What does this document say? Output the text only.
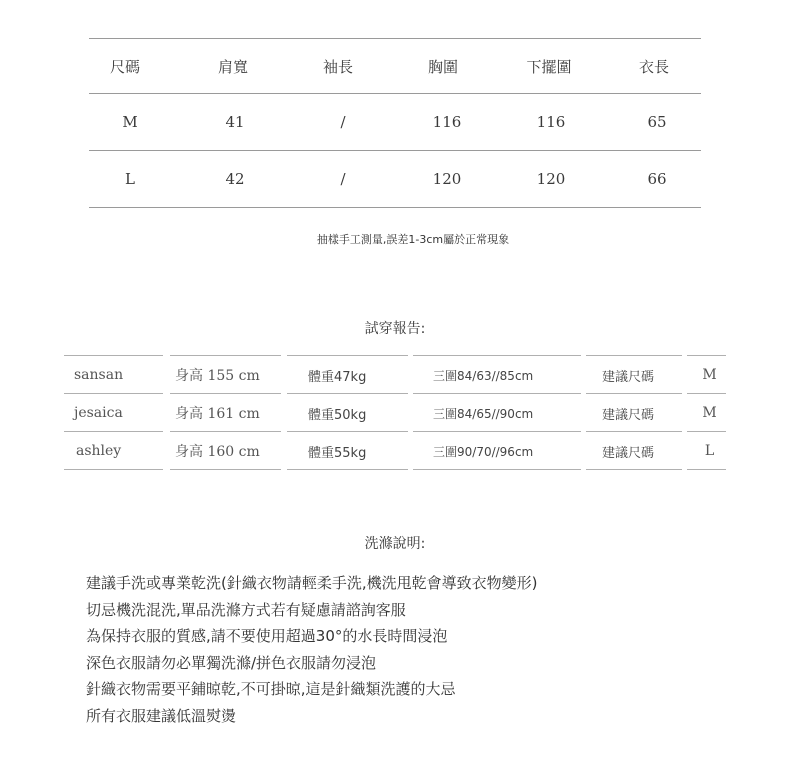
尺碼	肩寬	袖長	胸圍	下擺圍	衣長
M	41	/	116	116	65
L	42	/	120	120	66
抽樣手工測量,誤差1-3cm屬於正常現象
試穿報告:
sansan	身高 155 cm	體重47kg	三圍84/63//85cm	建議尺碼	M
jesaica	身高 161 cm	體重50kg	三圍84/65//90cm	建議尺碼	M
ashley	身高 160 cm	體重55kg	三圍90/70//96cm	建議尺碼	L
洗滌說明:
建議手洗或專業乾洗(針織衣物請輕柔手洗,機洗甩乾會導致衣物變形)
切忌機洗混洗,單品洗滌方式若有疑慮請諮詢客服
為保持衣服的質感,請不要使用超過30°的水長時間浸泡
深色衣服請勿必單獨洗滌/拼色衣服請勿浸泡
針織衣物需要平鋪晾乾,不可掛晾,這是針織類洗護的大忌
所有衣服建議低溫熨燙
